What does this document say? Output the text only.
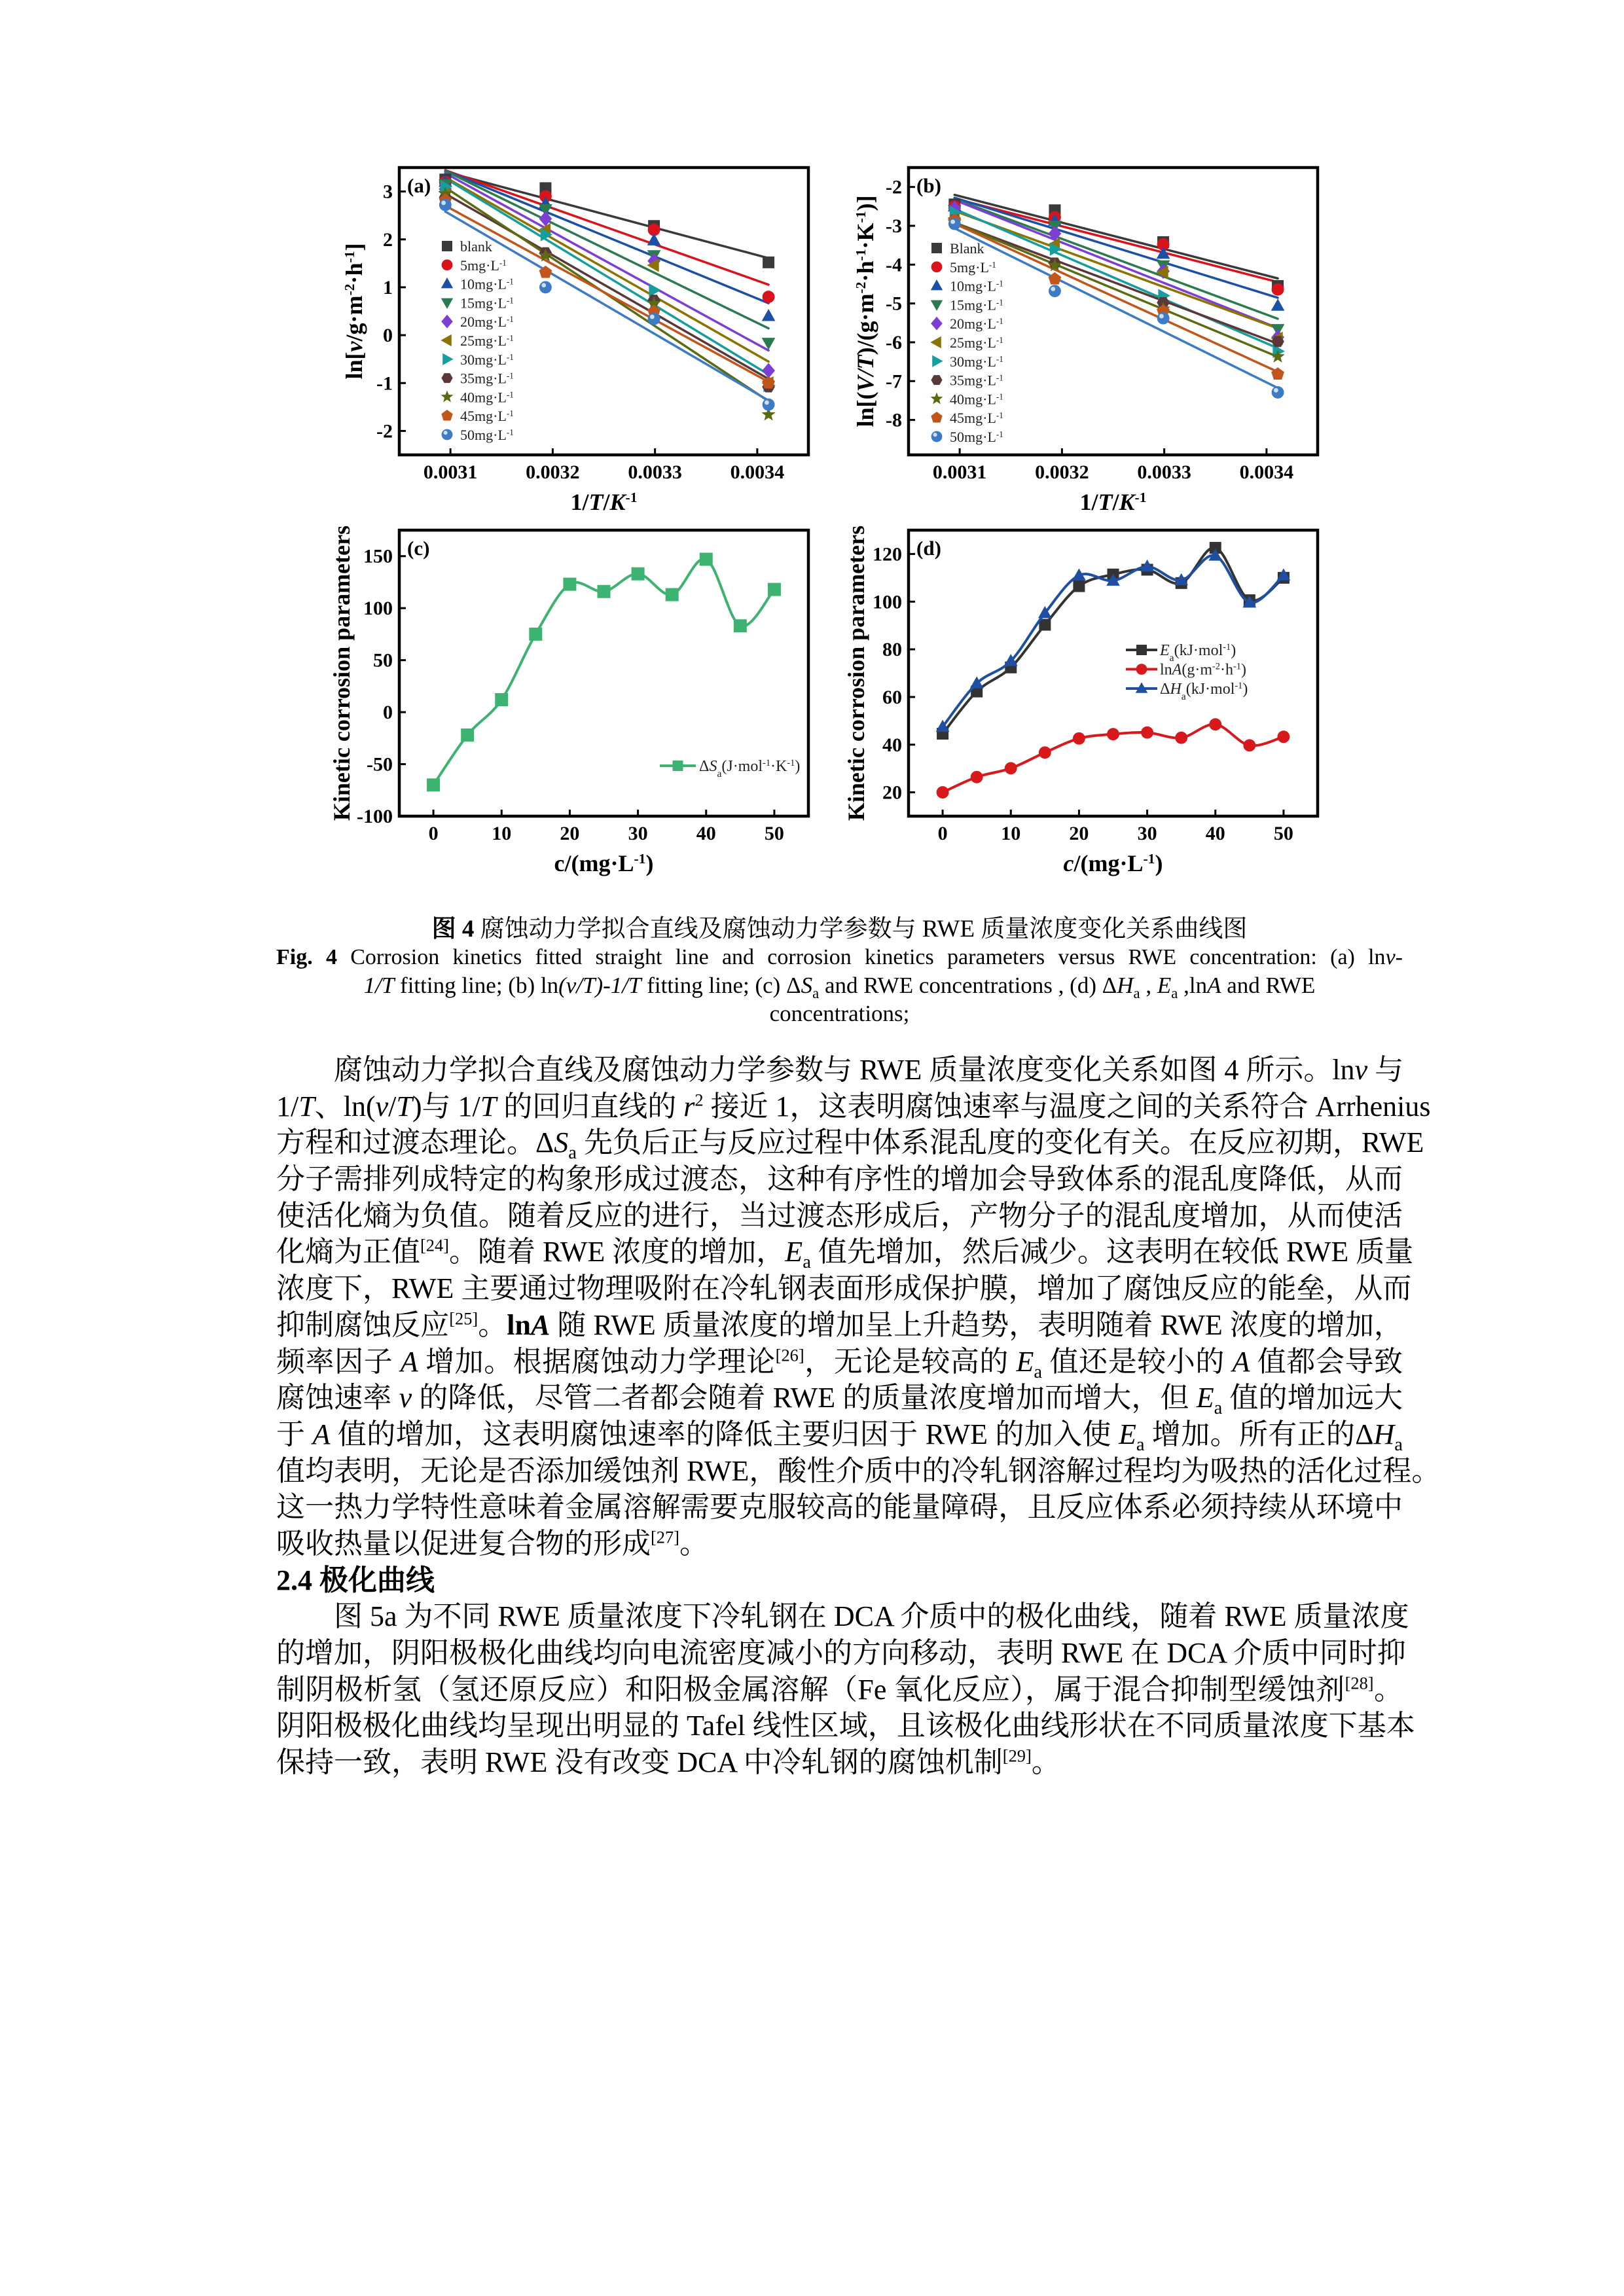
0.0031 0.0032 0.0033 0.0034
-2
-1
0
1
2
3
$1/T/K^{-1}$
$\ln[v/g\cdot m^{-2}\cdot h^{-1}]$
(a)
blank
$5mg\cdot L^{-1}$
$10mg\cdot L^{-1}$
$15mg\cdot L^{-1}$
$20mg\cdot L^{-1}$
$25mg\cdot L^{-1}$
$30mg\cdot L^{-1}$
$35mg\cdot L^{-1}$
$40mg\cdot L^{-1}$
$45mg\cdot L^{-1}$
$50mg\cdot L^{-1}$
0.0031 0.0032 0.0033 0.0034
-8
-7
-6
-5
-4
-3
-2
$1/T/K^{-1}$
$\ln[(V/T)/(g\cdot m^{-2}\cdot h^{-1}\cdot K^{-1})]$
(b)
Blank
$5mg\cdot L^{-1}$
$10mg\cdot L^{-1}$
$15mg\cdot L^{-1}$
$20mg\cdot L^{-1}$
$25mg\cdot L^{-1}$
$30mg\cdot L^{-1}$
$35mg\cdot L^{-1}$
$40mg\cdot L^{-1}$
$45mg\cdot L^{-1}$
$50mg\cdot L^{-1}$
0	10 20 30 40 50
-100
-50
0
50
100
150
$c/(mg\cdot L^{-1})$
Kinetic corrosion parameters	(c)
$\Delta S_a(J\cdot mol^{-1}\cdot K^{-1})$
0	10 20 30 40 50
20
40
60
80
100
120
$c/(mg\cdot L^{-1})$
Kinetic corrosion parameters (d)
$E_a(kJ\cdot mol^{-1})$
$\ln A(g\cdot m^{-2}\cdot h^{-1})$
$\Delta H_a(kJ\cdot mol^{-1})$
图 4 腐蚀动力学拟合直线及腐蚀动力学参数与 RWE 质量浓度变化关系曲线图
Fig. 4 Corrosion kinetics fitted straight line and corrosion kinetics parameters versus RWE concentration: (a) lnv-
1/T fitting line; (b) ln(v/T)-1/T fitting line; (c) $\Delta S_a$ and RWE concentrations , (d) $\Delta H_a$ , $E_a$ ,lnA and RWE
concentrations;
腐蚀动力学拟合直线及腐蚀动力学参数与 RWE 质量浓度变化关系如图 4 所示。lnv 与
1/T、ln(v/T)与 1/T 的回归直线的 $r^2$ 接近 1，这表明腐蚀速率与温度之间的关系符合 Arrhenius
方程和过渡态理论。$\Delta S_a$ 先负后正与反应过程中体系混乱度的变化有关。在反应初期，RWE
分子需排列成特定的构象形成过渡态，这种有序性的增加会导致体系的混乱度降低，从而
使活化熵为负值。随着反应的进行，当过渡态形成后，产物分子的混乱度增加，从而使活
化熵为正值[24]。随着 RWE 浓度的增加，$E_a$ 值先增加，然后减少。这表明在较低 RWE 质量
浓度下，RWE 主要通过物理吸附在冷轧钢表面形成保护膜，增加了腐蚀反应的能垒，从而
抑制腐蚀反应[25]。lnA 随 RWE 质量浓度的增加呈上升趋势，表明随着 RWE 浓度的增加，
频率因子 A 增加。根据腐蚀动力学理论[26]，无论是较高的 $E_a$ 值还是较小的 A 值都会导致
腐蚀速率 v 的降低，尽管二者都会随着 RWE 的质量浓度增加而增大，但 $E_a$ 值的增加远大
于 A 值的增加，这表明腐蚀速率的降低主要归因于 RWE 的加入使 $E_a$ 增加。所有正的$\Delta H_a$
值均表明，无论是否添加缓蚀剂 RWE，酸性介质中的冷轧钢溶解过程均为吸热的活化过程。
这一热力学特性意味着金属溶解需要克服较高的能量障碍，且反应体系必须持续从环境中
吸收热量以促进复合物的形成[27]。
2.4 极化曲线
图 5a 为不同 RWE 质量浓度下冷轧钢在 DCA 介质中的极化曲线，随着 RWE 质量浓度
的增加，阴阳极极化曲线均向电流密度减小的方向移动，表明 RWE 在 DCA 介质中同时抑
制阴极析氢（氢还原反应）和阳极金属溶解（Fe 氧化反应），属于混合抑制型缓蚀剂[28]。
阴阳极极化曲线均呈现出明显的 Tafel 线性区域，且该极化曲线形状在不同质量浓度下基本
保持一致，表明 RWE 没有改变 DCA 中冷轧钢的腐蚀机制[29]。
